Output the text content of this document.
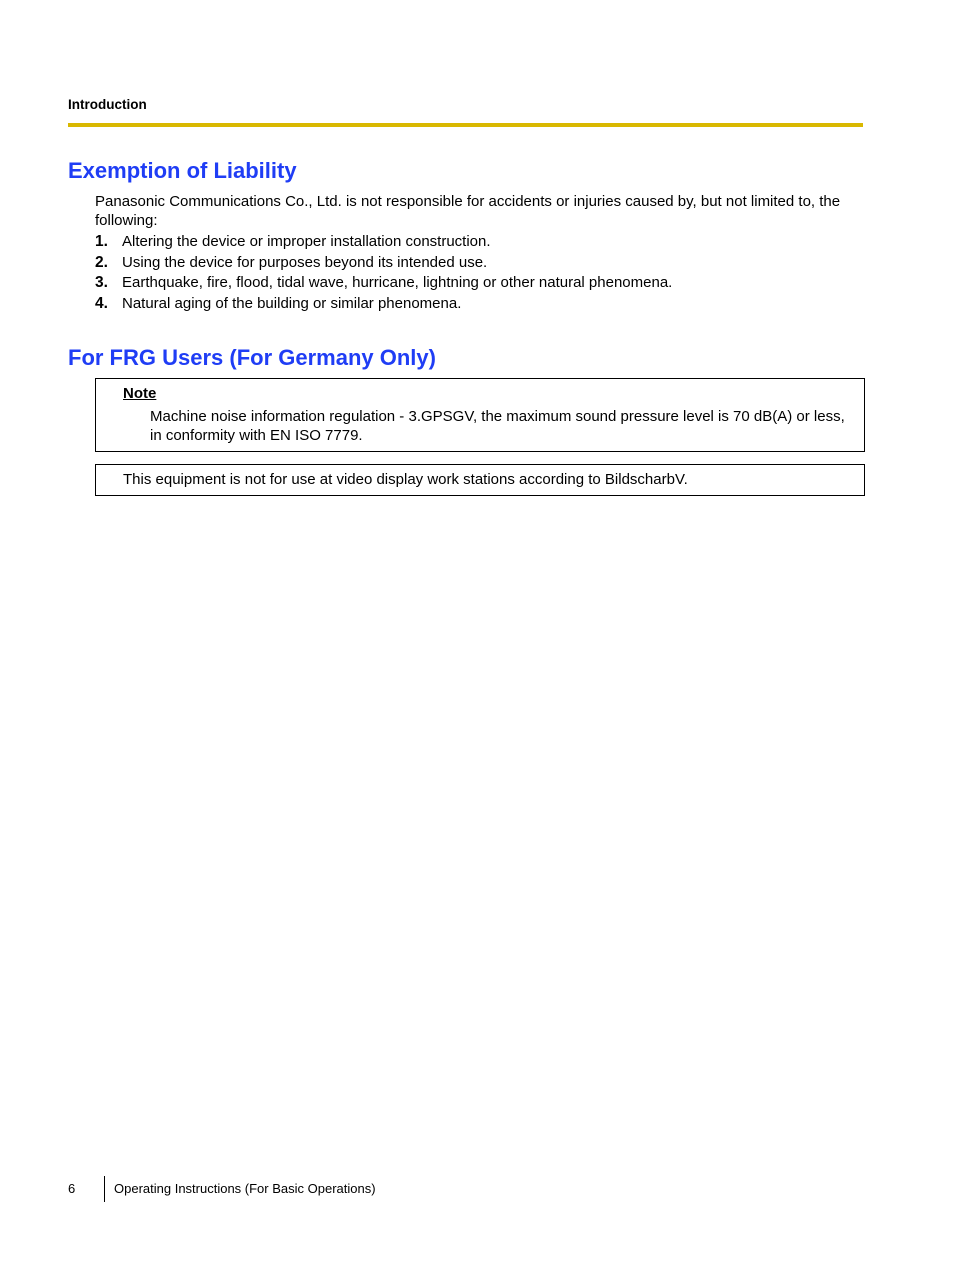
Introduction
Exemption of Liability

Panasonic Communications Co., Ltd. is not responsible for accidents or injuries caused by, but not limited to, the following:

1. Altering the device or improper installation construction.
2. Using the device for purposes beyond its intended use.
3. Earthquake, fire, flood, tidal wave, hurricane, lightning or other natural phenomena.
4. Natural aging of the building or similar phenomena.
For FRG Users (For Germany Only)
Note

Machine noise information regulation - 3.GPSGV, the maximum sound pressure level is 70 dB(A) or less, in conformity with EN ISO 7779.

This equipment is not for use at video display work stations according to BildscharbV.

6	Operating Instructions (For Basic Operations)
